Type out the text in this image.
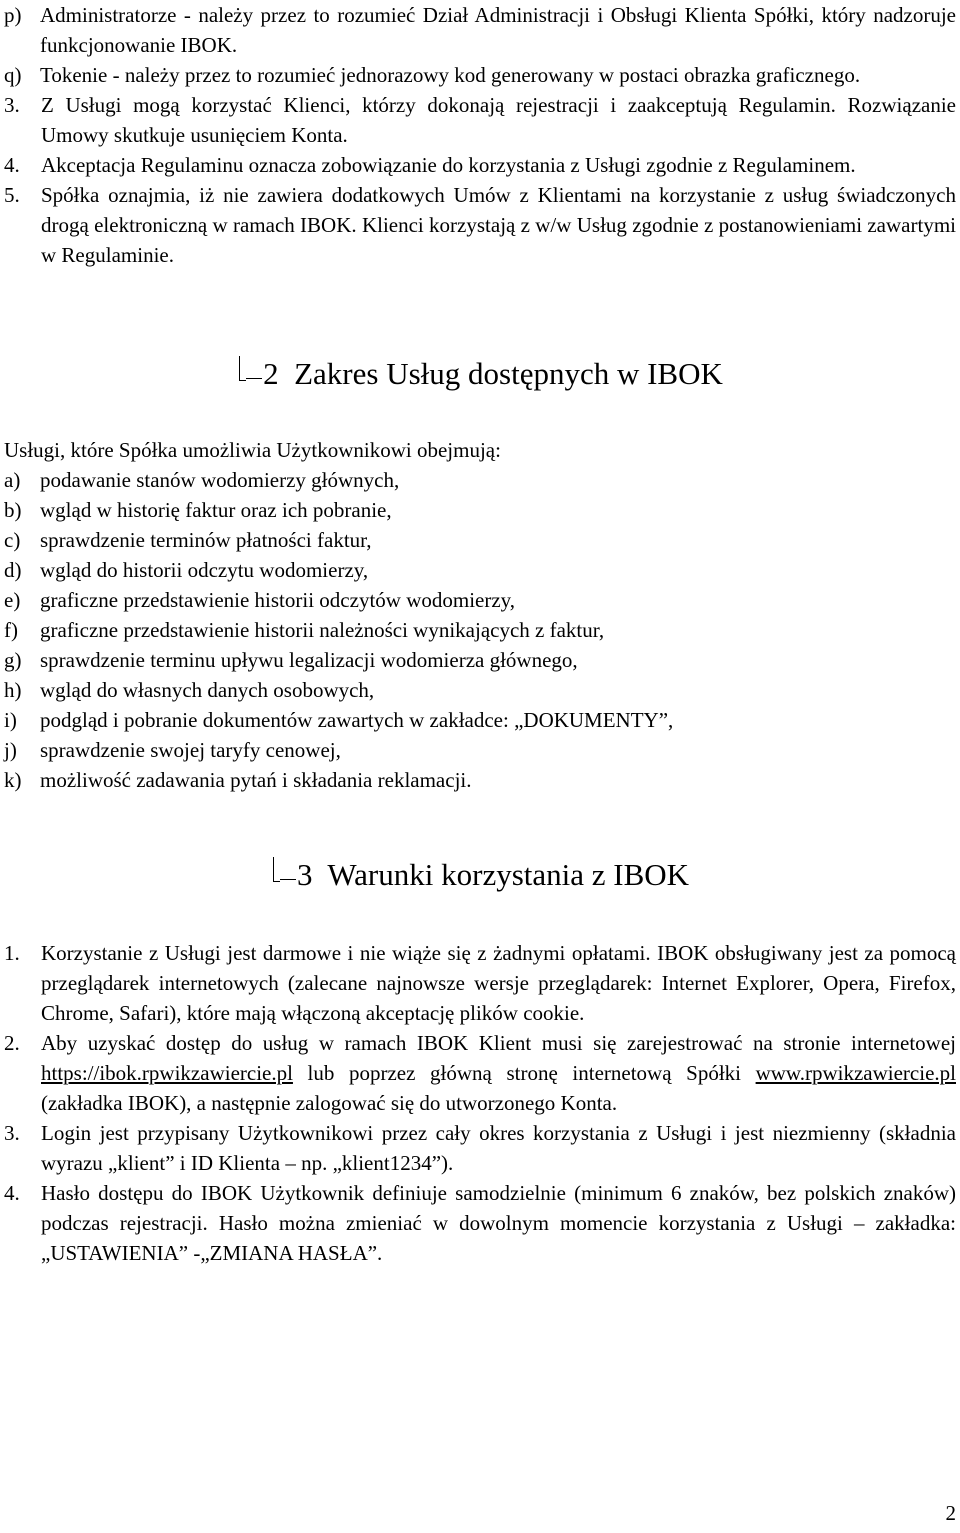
p) Administratorze - należy przez to rozumieć Dział Administracji i Obsługi Klienta Spółki, który nadzoruje funkcjonowanie IBOK.
q) Tokenie - należy przez to rozumieć jednorazowy kod generowany w postaci obrazka graficznego.
3. Z Usługi mogą korzystać Klienci, którzy dokonają rejestracji i zaakceptują Regulamin. Rozwiązanie Umowy skutkuje usunięciem Konta.
4. Akceptacja Regulaminu oznacza zobowiązanie do korzystania z Usługi zgodnie z Regulaminem.
5. Spółka oznajmia, iż nie zawiera dodatkowych Umów z Klientami na korzystanie z usług świadczonych drogą elektroniczną w ramach IBOK. Klienci korzystają z w/w Usług zgodnie z postanowieniami zawartymi w Regulaminie.
2  Zakres Usług dostępnych w IBOK
Usługi, które Spółka umożliwia Użytkownikowi obejmują:
a) podawanie stanów wodomierzy głównych,
b) wgląd w historię faktur oraz ich pobranie,
c) sprawdzenie terminów płatności faktur,
d) wgląd do historii odczytu wodomierzy,
e) graficzne przedstawienie historii odczytów wodomierzy,
f) graficzne przedstawienie historii należności wynikających z faktur,
g) sprawdzenie terminu upływu legalizacji wodomierza głównego,
h) wgląd do własnych danych osobowych,
i) podgląd i pobranie dokumentów zawartych w zakładce: „DOKUMENTY”,
j) sprawdzenie swojej taryfy cenowej,
k) możliwość zadawania pytań i składania reklamacji.
3  Warunki korzystania z IBOK
1. Korzystanie z Usługi jest darmowe i nie wiąże się z żadnymi opłatami. IBOK obsługiwany jest za pomocą przeglądarek internetowych (zalecane najnowsze wersje przeglądarek: Internet Explorer, Opera, Firefox, Chrome, Safari), które mają włączoną akceptację plików cookie.
2. Aby uzyskać dostęp do usług w ramach IBOK Klient musi się zarejestrować na stronie internetowej https://ibok.rpwikzawiercie.pl lub poprzez główną stronę internetową Spółki www.rpwikzawiercie.pl (zakładka IBOK), a następnie zalogować się do utworzonego Konta.
3. Login jest przypisany Użytkownikowi przez cały okres korzystania z Usługi i jest niezmienny (składnia wyrazu „klient” i ID Klienta – np. „klient1234”).
4. Hasło dostępu do IBOK Użytkownik definiuje samodzielnie (minimum 6 znaków, bez polskich znaków) podczas rejestracji. Hasło można zmieniać w dowolnym momencie korzystania z Usługi – zakładka: „USTAWIENIA” -„ZMIANA HASŁA”.
2
